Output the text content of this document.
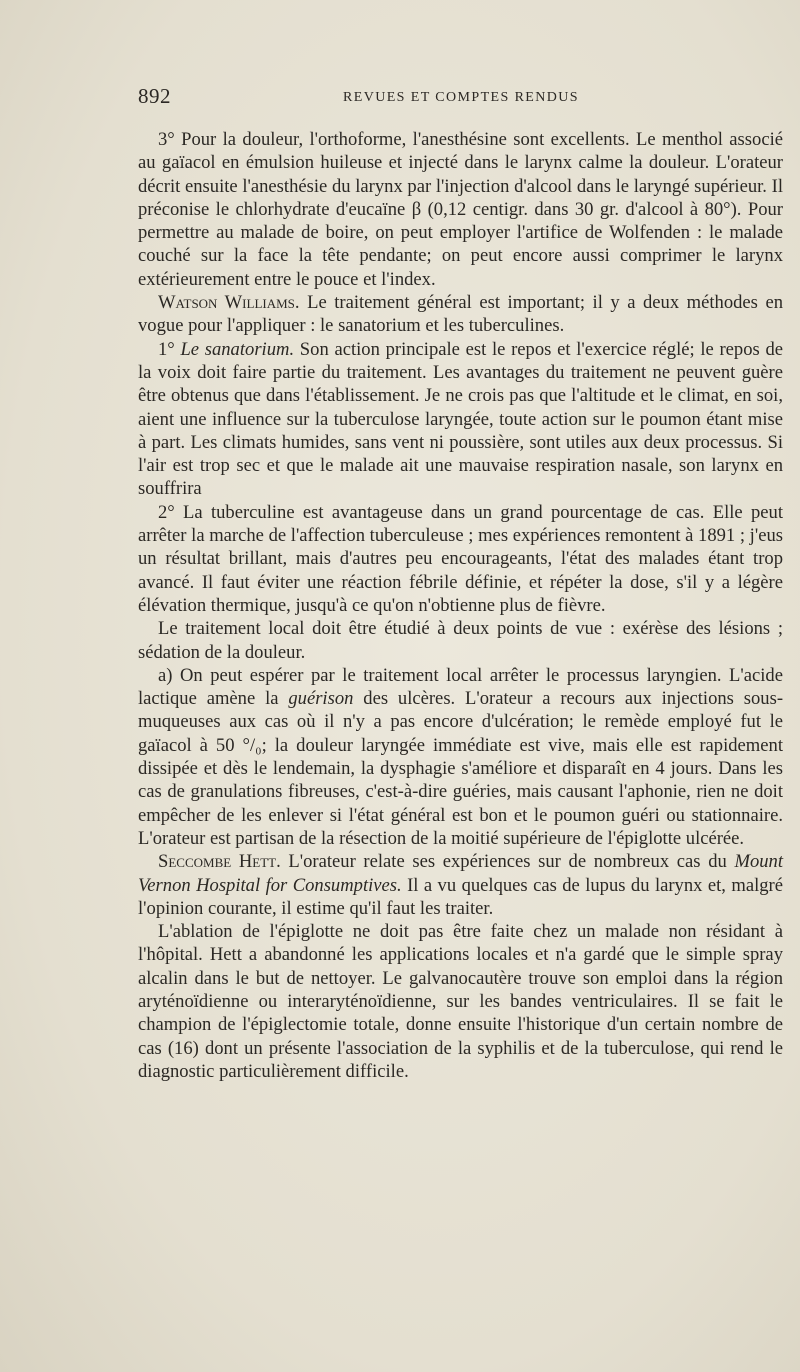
892	REVUES ET COMPTES RENDUS

3° Pour la douleur, l'orthoforme, l'anesthésine sont excellents. Le menthol associé au gaïacol en émulsion huileuse et injecté dans le larynx calme la douleur. L'orateur décrit ensuite l'anesthésie du larynx par l'injection d'alcool dans le laryngé supérieur. Il préconise le chlorhydrate d'eucaïne β (0,12 centigr. dans 30 gr. d'alcool à 80°). Pour permettre au malade de boire, on peut employer l'artifice de Wolfenden : le malade couché sur la face la tête pendante; on peut encore aussi comprimer le larynx extérieurement entre le pouce et l'index.

Watson Williams. Le traitement général est important; il y a deux méthodes en vogue pour l'appliquer : le sanatorium et les tuberculines.

1° Le sanatorium. Son action principale est le repos et l'exercice réglé; le repos de la voix doit faire partie du traitement. Les avantages du traitement ne peuvent guère être obtenus que dans l'établissement. Je ne crois pas que l'altitude et le climat, en soi, aient une influence sur la tuberculose laryngée, toute action sur le poumon étant mise à part. Les climats humides, sans vent ni poussière, sont utiles aux deux processus. Si l'air est trop sec et que le malade ait une mauvaise respiration nasale, son larynx en souffrira

2° La tuberculine est avantageuse dans un grand pourcentage de cas. Elle peut arrêter la marche de l'affection tuberculeuse ; mes expériences remontent à 1891 ; j'eus un résultat brillant, mais d'autres peu encourageants, l'état des malades étant trop avancé. Il faut éviter une réaction fébrile définie, et répéter la dose, s'il y a légère élévation thermique, jusqu'à ce qu'on n'obtienne plus de fièvre.

Le traitement local doit être étudié à deux points de vue : exérèse des lésions ; sédation de la douleur.

a) On peut espérer par le traitement local arrêter le processus laryngien. L'acide lactique amène la guérison des ulcères. L'orateur a recours aux injections sous-muqueuses aux cas où il n'y a pas encore d'ulcération; le remède employé fut le gaïacol à 50 °/₀; la douleur laryngée immédiate est vive, mais elle est rapidement dissipée et dès le lendemain, la dysphagie s'améliore et disparaît en 4 jours. Dans les cas de granulations fibreuses, c'est-à-dire guéries, mais causant l'aphonie, rien ne doit empêcher de les enlever si l'état général est bon et le poumon guéri ou stationnaire. L'orateur est partisan de la résection de la moitié supérieure de l'épiglotte ulcérée.

Seccombe Hett. L'orateur relate ses expériences sur de nombreux cas du Mount Vernon Hospital for Consumptives. Il a vu quelques cas de lupus du larynx et, malgré l'opinion courante, il estime qu'il faut les traiter.

L'ablation de l'épiglotte ne doit pas être faite chez un malade non résidant à l'hôpital. Hett a abandonné les applications locales et n'a gardé que le simple spray alcalin dans le but de nettoyer. Le galvanocautère trouve son emploi dans la région aryténoïdienne ou interaryténoïdienne, sur les bandes ventriculaires. Il se fait le champion de l'épiglectomie totale, donne ensuite l'historique d'un certain nombre de cas (16) dont un présente l'association de la syphilis et de la tuberculose, qui rend le diagnostic particulièrement difficile.
